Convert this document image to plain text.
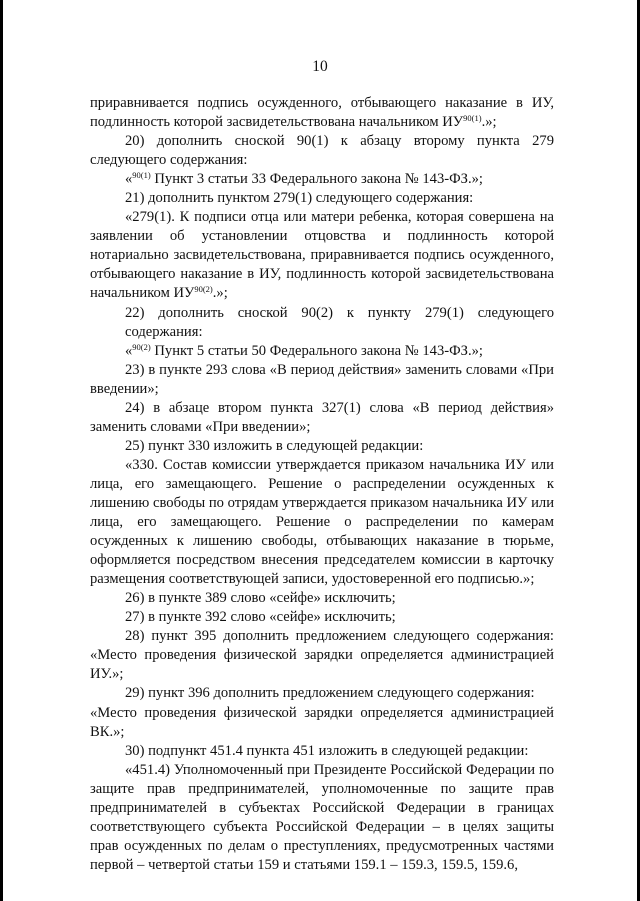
10

приравнивается подпись осужденного, отбывающего наказание в ИУ, подлинность которой засвидетельствована начальником $ИУ^{90(1)}$.»;

20) дополнить сноской 90(1) к абзацу второму пункта 279 следующего содержания:

«$^{90(1)}$ Пункт 3 статьи 33 Федерального закона № 143-ФЗ.»;

21) дополнить пунктом 279(1) следующего содержания:

«279(1). К подписи отца или матери ребенка, которая совершена на заявлении об установлении отцовства и подлинность которой нотариально засвидетельствована, приравнивается подпись осужденного, отбывающего наказание в ИУ, подлинность которой засвидетельствована начальником $ИУ^{90(2)}$.»;

22) дополнить сноской 90(2) к пункту 279(1) следующего содержания:

«$^{90(2)}$ Пункт 5 статьи 50 Федерального закона № 143-ФЗ.»;

23) в пункте 293 слова «В период действия» заменить словами «При введении»;

24) в абзаце втором пункта 327(1) слова «В период действия» заменить словами «При введении»;

25) пункт 330 изложить в следующей редакции:

«330. Состав комиссии утверждается приказом начальника ИУ или лица, его замещающего. Решение о распределении осужденных к лишению свободы по отрядам утверждается приказом начальника ИУ или лица, его замещающего. Решение о распределении по камерам осужденных к лишению свободы, отбывающих наказание в тюрьме, оформляется посредством внесения председателем комиссии в карточку размещения соответствующей записи, удостоверенной его подписью.»;

26) в пункте 389 слово «сейфе» исключить;

27) в пункте 392 слово «сейфе» исключить;

28) пункт 395 дополнить предложением следующего содержания: «Место проведения физической зарядки определяется администрацией ИУ.»;

29) пункт 396 дополнить предложением следующего содержания:

«Место проведения физической зарядки определяется администрацией ВК.»;

30) подпункт 451.4 пункта 451 изложить в следующей редакции:

«451.4) Уполномоченный при Президенте Российской Федерации по защите прав предпринимателей, уполномоченные по защите прав предпринимателей в субъектах Российской Федерации в границах соответствующего субъекта Российской Федерации – в целях защиты прав осужденных по делам о преступлениях, предусмотренных частями первой – четвертой статьи 159 и статьями 159.1 – 159.3, 159.5, 159.6,
